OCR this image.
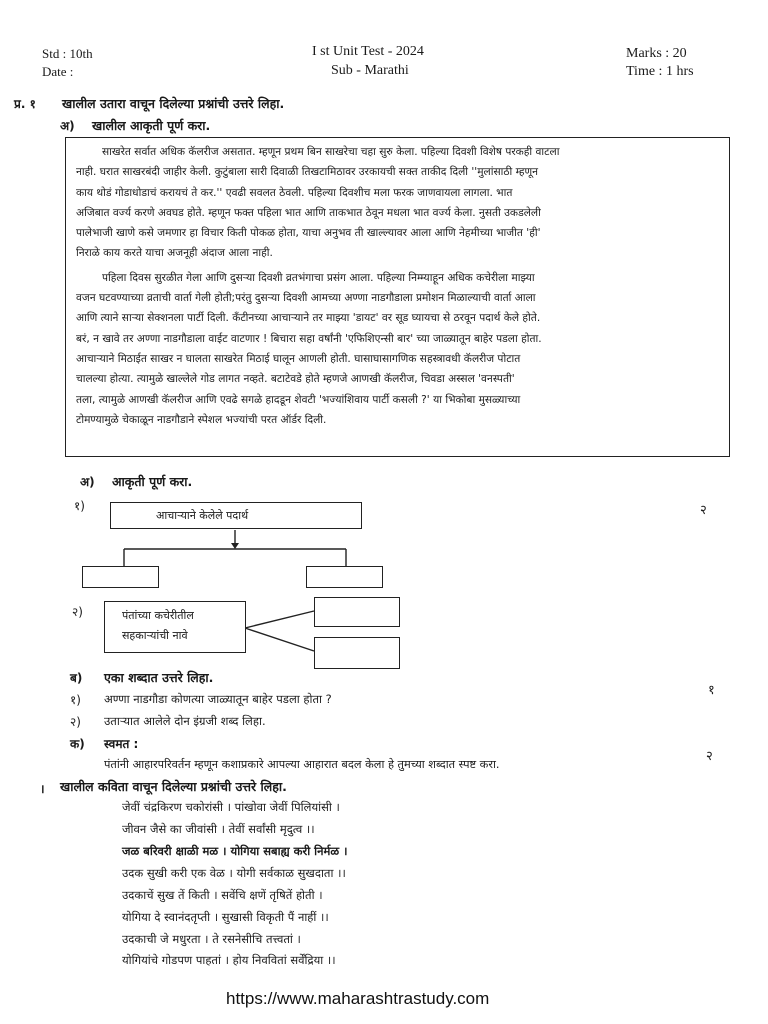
Std : 10th
Date :
I st Unit Test - 2024
Sub - Marathi
Marks : 20
Time : 1 hrs
प्र. १ खालील उतारा वाचून दिलेल्या प्रश्नांची उत्तरे लिहा.
अ) खालील आकृती पूर्ण करा.
साखरेत सर्वात अधिक कॅलरीज असतात. म्हणून प्रथम बिन साखरेचा चहा सुरु केला. पहिल्या दिवशी विशेष परकही वाटला
नाही. घरात साखरबंदी जाहीर केली. कुटुंबाला सारी दिवाळी तिखटामिठावर उरकायची सक्त ताकीद दिली ''मुलांसाठी म्हणून
काय थोडं गोडाधोडाचं करायचं ते कर.'' एवढी सवलत ठेवली. पहिल्या दिवशीच मला फरक जाणवायला लागला. भात
अजिबात वर्ज्य करणे अवघड होते. म्हणून फक्त पहिला भात आणि ताकभात ठेवून मधला भात वर्ज्य केला. नुसती उकडलेली
पालेभाजी खाणे कसे जमणार हा विचार किती पोकळ होता, याचा अनुभव ती खाल्ल्यावर आला आणि नेहमीच्या भाजीत 'ही'
निराळे काय करते याचा अजनूही अंदाज आला नाही.
पहिला दिवस सुरळीत गेला आणि दुसऱ्या दिवशी व्रतभंगाचा प्रसंग आला. पहिल्या निम्म्याहून अधिक कचेरीला माझ्या
वजन घटवण्याच्या व्रताची वार्ता गेली होती;परंतु दुसऱ्या दिवशी आमच्या अण्णा नाडगौडाला प्रमोशन मिळाल्याची वार्ता आला
आणि त्याने साऱ्या सेक्शनला पार्टी दिली. कॅंटीनच्या आचाऱ्याने तर माझ्या 'डायट' वर सूड घ्यायचा से ठरवून पदार्थ केले होते.
बरं, न खावे तर अण्णा नाडगौडाला वाईट वाटणार ! बिचारा सहा वर्षांनी 'एफिशिएन्सी बार' च्या जाळ्यातून बाहेर पडला होता.
आचाऱ्याने मिठाईत साखर न घालता साखरेत मिठाई घालून आणली होती. घासाघासागणिक सहस्त्रावधी कॅलरीज पोटात
चालल्या होत्या. त्यामुळे खाल्लेले गोड लागत नव्हते. बटाटेवडे होते म्हणजे आणखी कॅलरीज, चिवडा अस्सल 'वनस्पती'
तला, त्यामुळे आणखी कॅलरीज आणि एवढे सगळे हादडून शेवटी 'भज्यांशिवाय पार्टी कसली ?' या भिकोबा मुसळ्याच्या
टोमण्यामुळे चेकाळून नाडगौडाने स्पेशल भज्यांची परत ऑर्डर दिली.
अ) आकृती पूर्ण करा.
१)	२
आचाऱ्याने केलेले पदार्थ
२)	पंतांच्या कचेरीतील
सहकाऱ्यांची नावे
ब) एका शब्दात उत्तरे लिहा.
१
१) अण्णा नाडगौडा कोणत्या जाळ्यातून बाहेर पडला होता ?
२) उताऱ्यात आलेले दोन इंग्रजी शब्द लिहा.
क) स्वमत :
२
पंतांनी आहारपरिवर्तन म्हणून कशाप्रकारे आपल्या आहारात बदल केला हे तुमच्या शब्दात स्पष्ट करा.
। खालील कविता वाचून दिलेल्या प्रश्नांची उत्तरे लिहा.
जेवीं चंद्रकिरण चकोरांसी । पांखोवा जेवीं पिलियांसी ।
जीवन जैसे का जीवांसी । तेवीं सर्वांसी मृदुत्व ।।
जळ बरिवरी क्षाळी मळ । योगिया सबाह्य करी निर्मळ ।
उदक सुखी करी एक वेळ । योगी सर्वकाळ सुखदाता ।।
उदकाचें सुख तें किती । सवेंचि क्षणें तृषितें होती ।
योगिया दे स्वानंदतृप्ती । सुखासी विकृती पैं नाहीं ।।
उदकाची जे मधुरता । ते रसनेसीचि तत्त्वतां ।
योगियांचे गोडपण पाहतां । होय निववितां सर्वेंद्रिया ।।
https://www.maharashtrastudy.com
